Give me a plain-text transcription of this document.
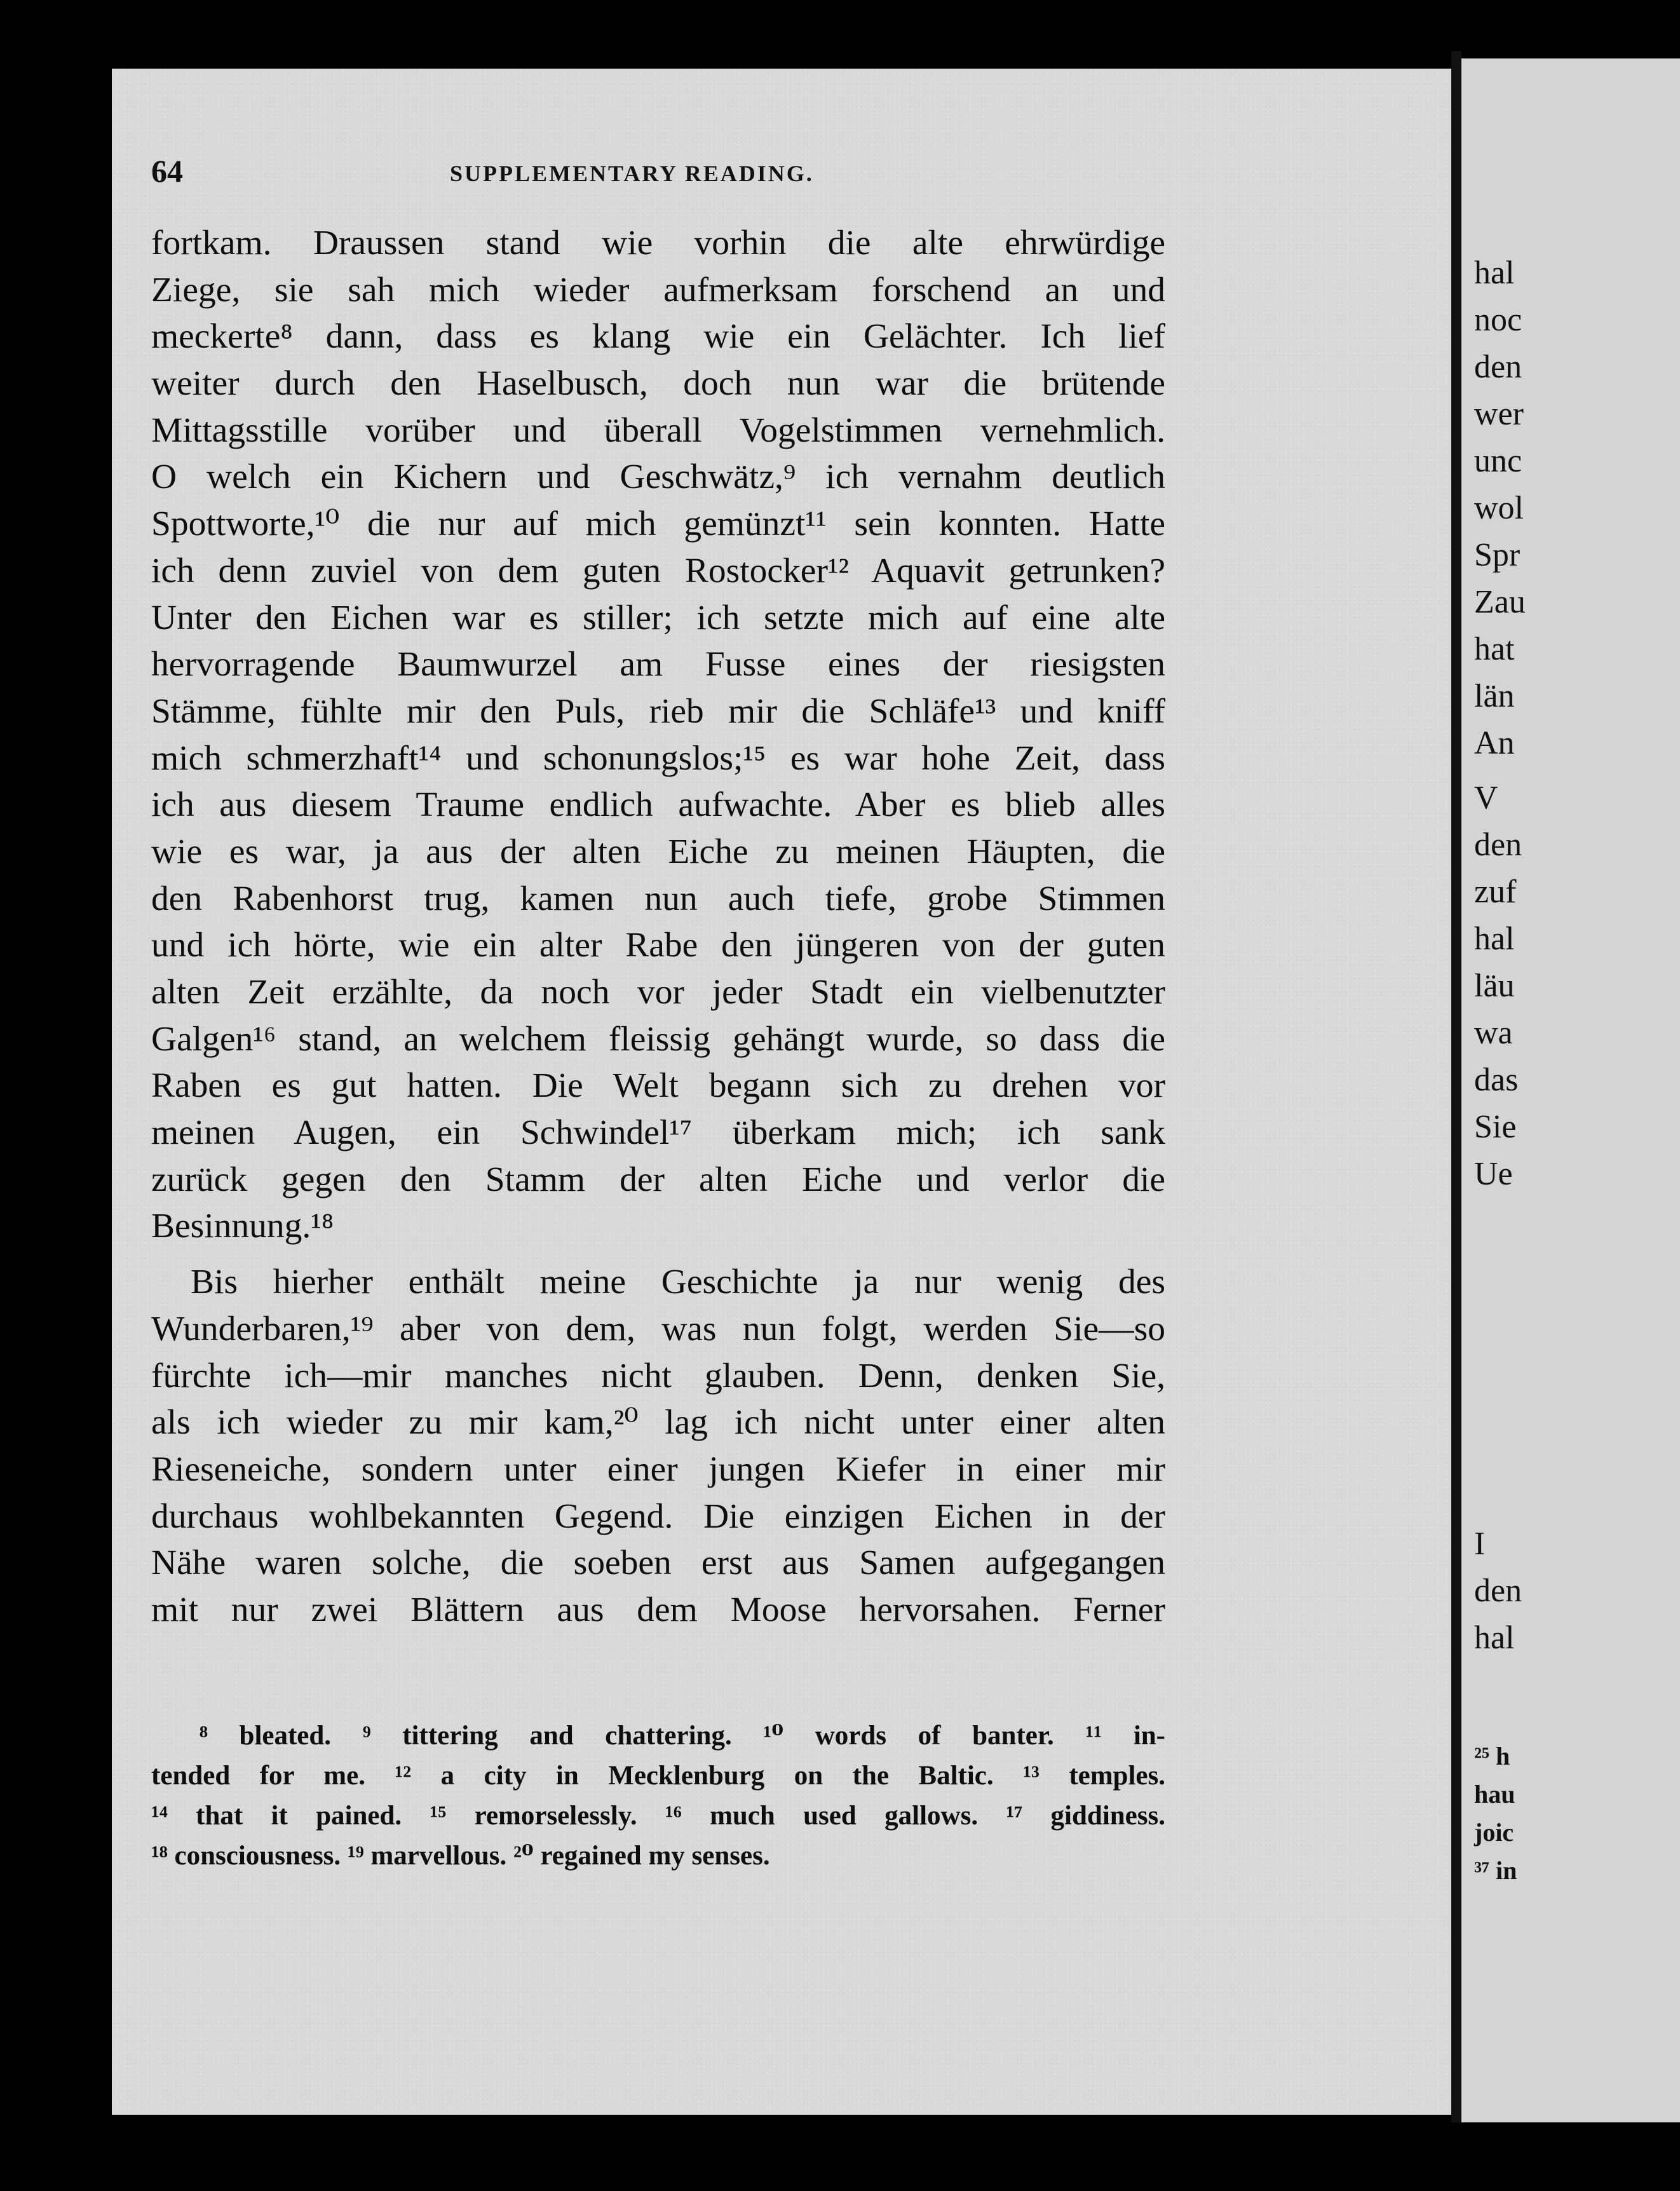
hal
noc
den
wer
unc
wol
Spr
Zau
hat
län
An
V
den
zuf
hal
läu
wa
das
Sie
Ue
I
den
hal
²⁵ h
hau
joic
³⁷ in
64	SUPPLEMENTARY READING.
fortkam. Draussen stand wie vorhin die alte ehrwürdige
Ziege, sie sah mich wieder aufmerksam forschend an und
meckerte⁸ dann, dass es klang wie ein Gelächter. Ich lief
weiter durch den Haselbusch, doch nun war die brütende
Mittagsstille vorüber und überall Vogelstimmen vernehmlich.
O welch ein Kichern und Geschwätz,⁹ ich vernahm deutlich
Spottworte,¹⁰ die nur auf mich gemünzt¹¹ sein konnten. Hatte
ich denn zuviel von dem guten Rostocker¹² Aquavit getrunken?
Unter den Eichen war es stiller; ich setzte mich auf eine alte
hervorragende Baumwurzel am Fusse eines der riesigsten
Stämme, fühlte mir den Puls, rieb mir die Schläfe¹³ und kniff
mich schmerzhaft¹⁴ und schonungslos;¹⁵ es war hohe Zeit, dass
ich aus diesem Traume endlich aufwachte. Aber es blieb alles
wie es war, ja aus der alten Eiche zu meinen Häupten, die
den Rabenhorst trug, kamen nun auch tiefe, grobe Stimmen
und ich hörte, wie ein alter Rabe den jüngeren von der guten
alten Zeit erzählte, da noch vor jeder Stadt ein vielbenutzter
Galgen¹⁶ stand, an welchem fleissig gehängt wurde, so dass die
Raben es gut hatten. Die Welt begann sich zu drehen vor
meinen Augen, ein Schwindel¹⁷ überkam mich; ich sank
zurück gegen den Stamm der alten Eiche und verlor die
Besinnung.¹⁸
Bis hierher enthält meine Geschichte ja nur wenig des
Wunderbaren,¹⁹ aber von dem, was nun folgt, werden Sie—so
fürchte ich—mir manches nicht glauben. Denn, denken Sie,
als ich wieder zu mir kam,²⁰ lag ich nicht unter einer alten
Rieseneiche, sondern unter einer jungen Kiefer in einer mir
durchaus wohlbekannten Gegend. Die einzigen Eichen in der
Nähe waren solche, die soeben erst aus Samen aufgegangen
mit nur zwei Blättern aus dem Moose hervorsahen. Ferner
⁸ bleated. ⁹ tittering and chattering. ¹⁰ words of banter. ¹¹ in-
tended for me. ¹² a city in Mecklenburg on the Baltic. ¹³ temples.
¹⁴ that it pained. ¹⁵ remorselessly. ¹⁶ much used gallows. ¹⁷ giddiness.
¹⁸ consciousness. ¹⁹ marvellous. ²⁰ regained my senses.
